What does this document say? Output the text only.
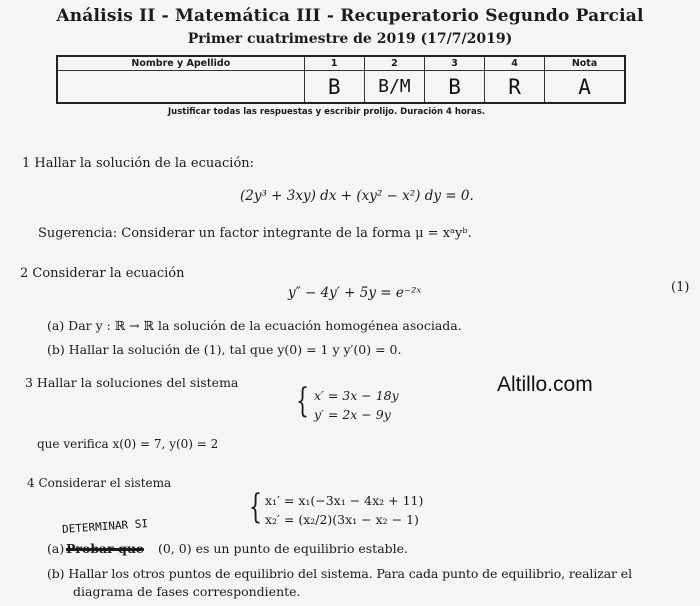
Análisis II - Matemática III - Recuperatorio Segundo Parcial
Primer cuatrimestre de 2019 (17/7/2019)
Nombre y Apellido	1	2	3	4	Nota
	B	B/M	B	R	A
Justificar todas las respuestas y escribir prolijo. Duración 4 horas.
1 Hallar la solución de la ecuación:
(2y³ + 3xy) dx + (xy² − x²) dy = 0.
Sugerencia: Considerar un factor integrante de la forma μ = xᵃyᵇ.
2 Considerar la ecuación
y″ − 4y′ + 5y = e⁻²ˣ	(1)
(a) Dar y : ℝ → ℝ la solución de la ecuación homogénea asociada.
(b) Hallar la solución de (1), tal que y(0) = 1 y y′(0) = 0.
3 Hallar la soluciones del sistema { x′ = 3x − 18y
y′ = 2x − 9y
que verifica x(0) = 7, y(0) = 2
Altillo.com
4 Considerar el sistema
{ x₁′ = x₁(−3x₁ − 4x₂ + 11)
x₂′ = (x₂/2)(3x₁ − x₂ − 1)
DETERMINAR SI
(a) Probar que (0, 0) es un punto de equilibrio estable.
(b) Hallar los otros puntos de equilibrio del sistema. Para cada punto de equilibrio, realizar el
diagrama de fases correspondiente.
